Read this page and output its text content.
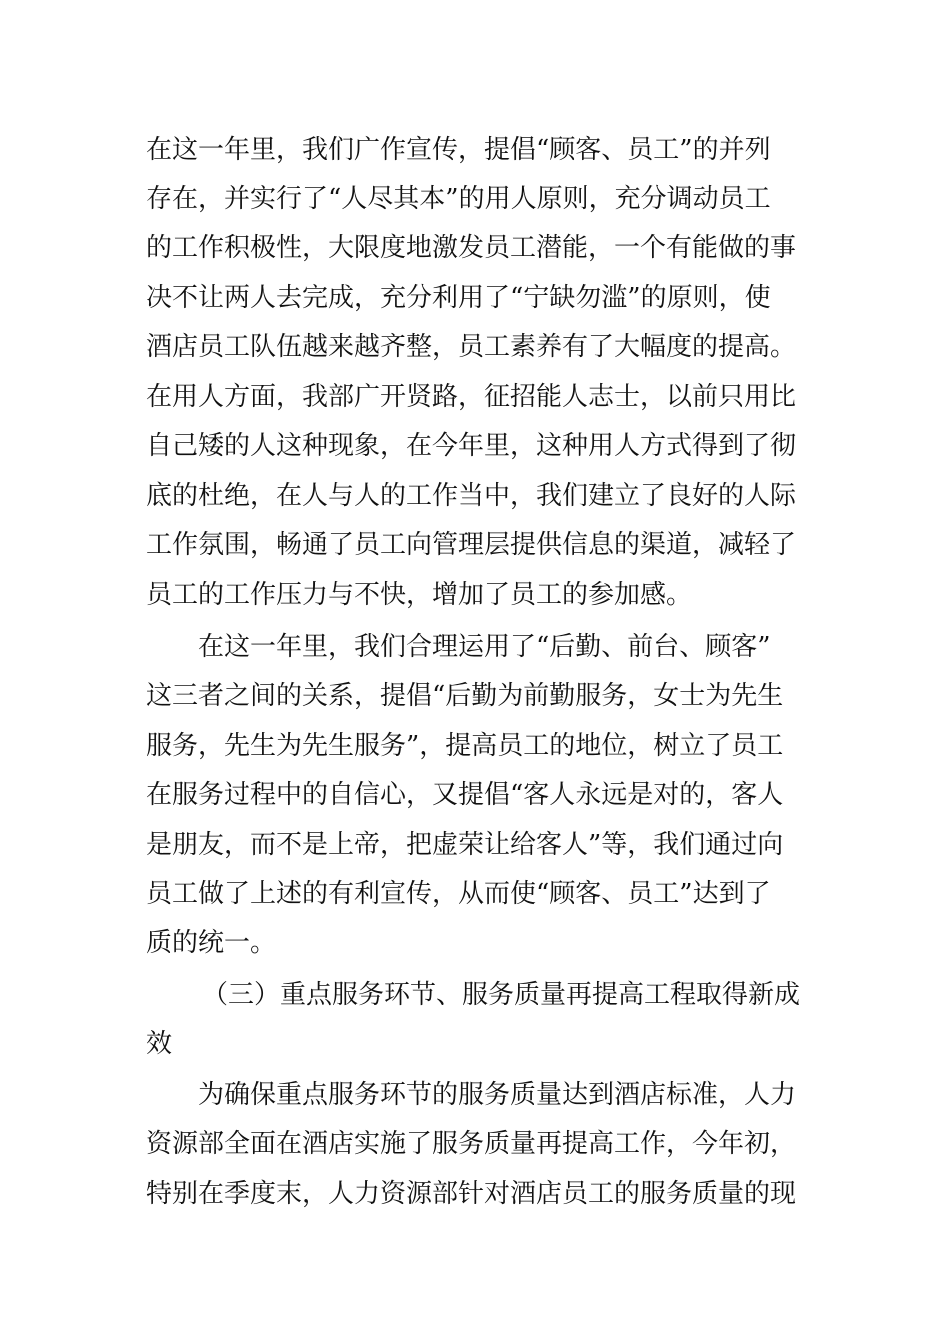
在这一年里，我们广作宣传，提倡“顾客、员工”的并列
存在，并实行了“人尽其本”的用人原则，充分调动员工
的工作积极性，大限度地激发员工潜能，一个有能做的事
决不让两人去完成，充分利用了“宁缺勿滥”的原则，使
酒店员工队伍越来越齐整，员工素养有了大幅度的提高。
在用人方面，我部广开贤路，征招能人志士，以前只用比
自己矮的人这种现象，在今年里，这种用人方式得到了彻
底的杜绝，在人与人的工作当中，我们建立了良好的人际
工作氛围，畅通了员工向管理层提供信息的渠道，减轻了
员工的工作压力与不快，增加了员工的参加感。
在这一年里，我们合理运用了“后勤、前台、顾客”
这三者之间的关系，提倡“后勤为前勤服务，女士为先生
服务，先生为先生服务”，提高员工的地位，树立了员工
在服务过程中的自信心，又提倡“客人永远是对的，客人
是朋友，而不是上帝，把虚荣让给客人”等，我们通过向
员工做了上述的有利宣传，从而使“顾客、员工”达到了
质的统一。
（三）重点服务环节、服务质量再提高工程取得新成
效
为确保重点服务环节的服务质量达到酒店标准，人力
资源部全面在酒店实施了服务质量再提高工作，今年初，
特别在季度末，人力资源部针对酒店员工的服务质量的现
